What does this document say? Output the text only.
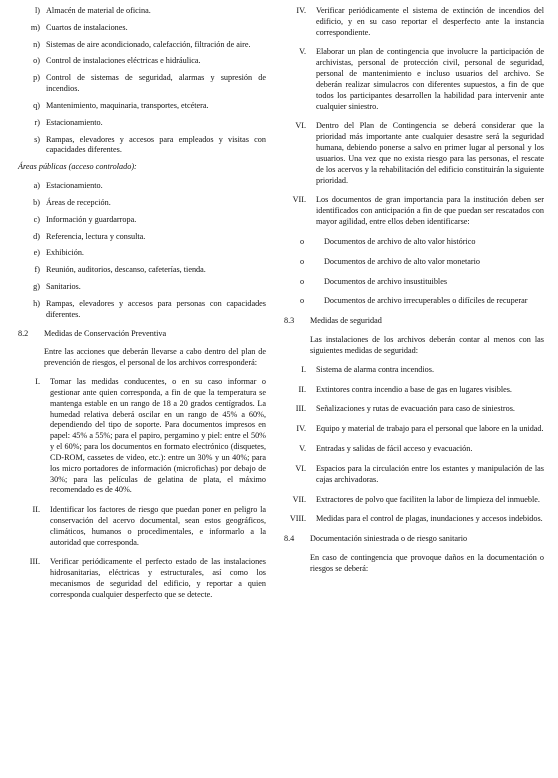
l) Almacén de material de oficina.
m) Cuartos de instalaciones.
n) Sistemas de aire acondicionado, calefacción, filtración de aire.
o) Control de instalaciones eléctricas e hidráulica.
p) Control de sistemas de seguridad, alarmas y supresión de incendios.
q) Mantenimiento, maquinaria, transportes, etcétera.
r) Estacionamiento.
s) Rampas, elevadores y accesos para empleados y visitas con capacidades diferentes.
Áreas públicas (acceso controlado):
a) Estacionamiento.
b) Áreas de recepción.
c) Información y guardarropa.
d) Referencia, lectura y consulta.
e) Exhibición.
f) Reunión, auditorios, descanso, cafeterías, tienda.
g) Sanitarios.
h) Rampas, elevadores y accesos para personas con capacidades diferentes.
8.2	Medidas de Conservación Preventiva
Entre las acciones que deberán llevarse a cabo dentro del plan de prevención de riesgos, el personal de los archivos corresponderá:
I.	Tomar las medidas conducentes, o en su caso informar o gestionar ante quien corresponda, a fin de que la temperatura se mantenga estable en un rango de 18 a 20 grados centígrados. La humedad relativa deberá oscilar en un rango de 45% a 60%, dependiendo del tipo de soporte. Para documentos impresos en papel: 45% a 55%; para el papiro, pergamino y piel: entre el 50% y el 60%; para los documentos en formato electrónico (disquetes, CD-ROM, cassetes de video, etc.): entre un 30% y un 40%; para los micro portadores de información (microfichas) por debajo de 30%; para las películas de gelatina de plata, el máximo recomendado es de 40%.
II.	Identificar los factores de riesgo que puedan poner en peligro la conservación del acervo documental, sean estos geográficos, climáticos, humanos o procedimentales, e informarlo a la autoridad que corresponda.
III.	Verificar periódicamente el perfecto estado de las instalaciones hidrosanitarias, eléctricas y estructurales, así como los mecanismos de seguridad del edificio, y reportar a quien corresponda cualquier desperfecto que se detecte.
IV.	Verificar periódicamente el sistema de extinción de incendios del edificio, y en su caso reportar el desperfecto ante la instancia correspondiente.
V.	Elaborar un plan de contingencia que involucre la participación de archivistas, personal de protección civil, personal de seguridad, personal de mantenimiento e incluso usuarios del archivo. Se deberán realizar simulacros con diferentes supuestos, a fin de que todos los participantes desarrollen la habilidad para intervenir ante cualquier siniestro.
VI.	Dentro del Plan de Contingencia se deberá considerar que la prioridad más importante ante cualquier desastre será la seguridad humana, debiendo ponerse a salvo en primer lugar al personal y los usuarios. Una vez que no exista riesgo para las personas, el rescate de los acervos y la rehabilitación del edificio constituirán la siguiente prioridad.
VII.	Los documentos de gran importancia para la institución deben ser identificados con anticipación a fin de que puedan ser rescatados con mayor agilidad, entre ellos deben identificarse:
o	Documentos de archivo de alto valor histórico
o	Documentos de archivo de alto valor monetario
o	Documentos de archivo insustituibles
o	Documentos de archivo irrecuperables o difíciles de recuperar
8.3	Medidas de seguridad
Las instalaciones de los archivos deberán contar al menos con las siguientes medidas de seguridad:
I.	Sistema de alarma contra incendios.
II.	Extintores contra incendio a base de gas en lugares visibles.
III.	Señalizaciones y rutas de evacuación para caso de siniestros.
IV.	Equipo y material de trabajo para el personal que labore en la unidad.
V.	Entradas y salidas de fácil acceso y evacuación.
VI.	Espacios para la circulación entre los estantes y manipulación de las cajas archivadoras.
VII.	Extractores de polvo que faciliten la labor de limpieza del inmueble.
VIII.	Medidas para el control de plagas, inundaciones y accesos indebidos.
8.4	Documentación siniestrada o de riesgo sanitario
En caso de contingencia que provoque daños en la documentación o riesgos se deberá:
